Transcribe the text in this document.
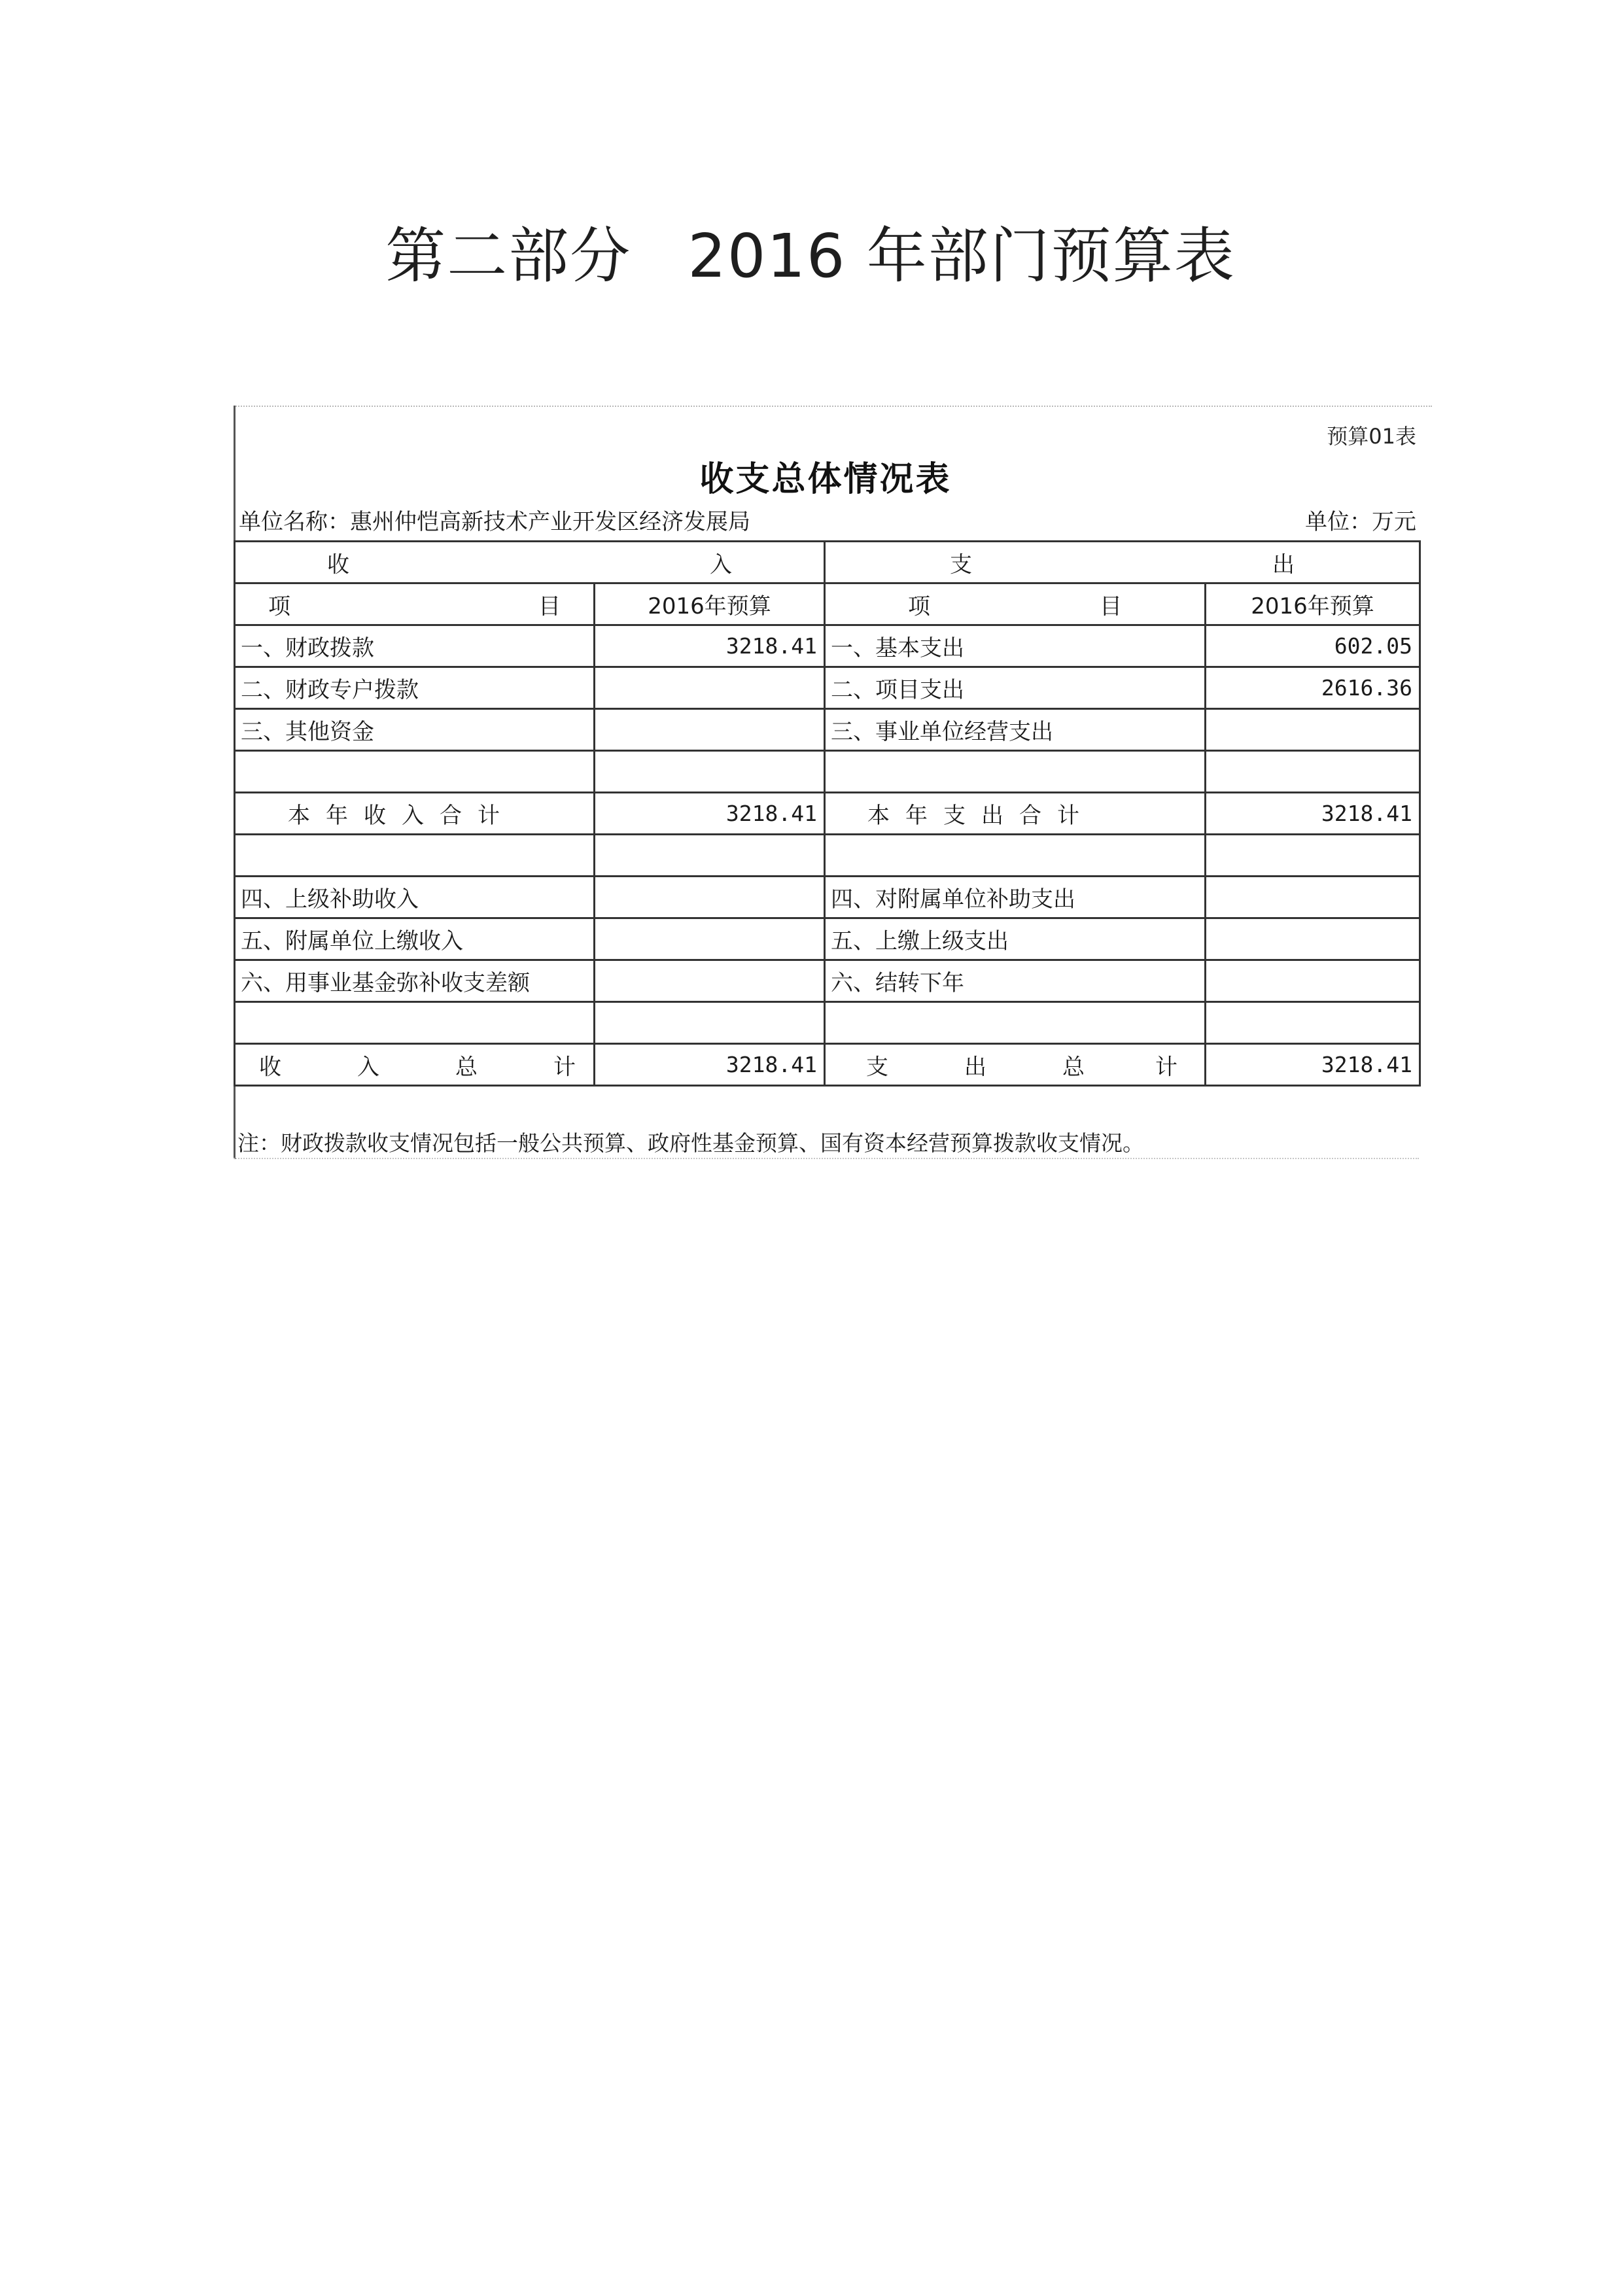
第二部分 2016 年部门预算表
预算01表
收支总体情况表
单位名称：惠州仲恺高新技术产业开发区经济发展局	单位：万元
收 入		支 出	

项 目	2016年预算	项 目	2016年预算
一、财政拨款	3218.41	一、基本支出	602.05
二、财政专户拨款		二、项目支出	2616.36
三、其他资金		三、事业单位经营支出	

本年收入合计	3218.41	本年支出合计	3218.41

四、上级补助收入		四、对附属单位补助支出	
五、附属单位上缴收入		五、上缴上级支出	
六、用事业基金弥补收支差额		六、结转下年	

收 入 总 计	3218.41	支 出 总 计	3218.41
注：财政拨款收支情况包括一般公共预算、政府性基金预算、国有资本经营预算拨款收支情况。
